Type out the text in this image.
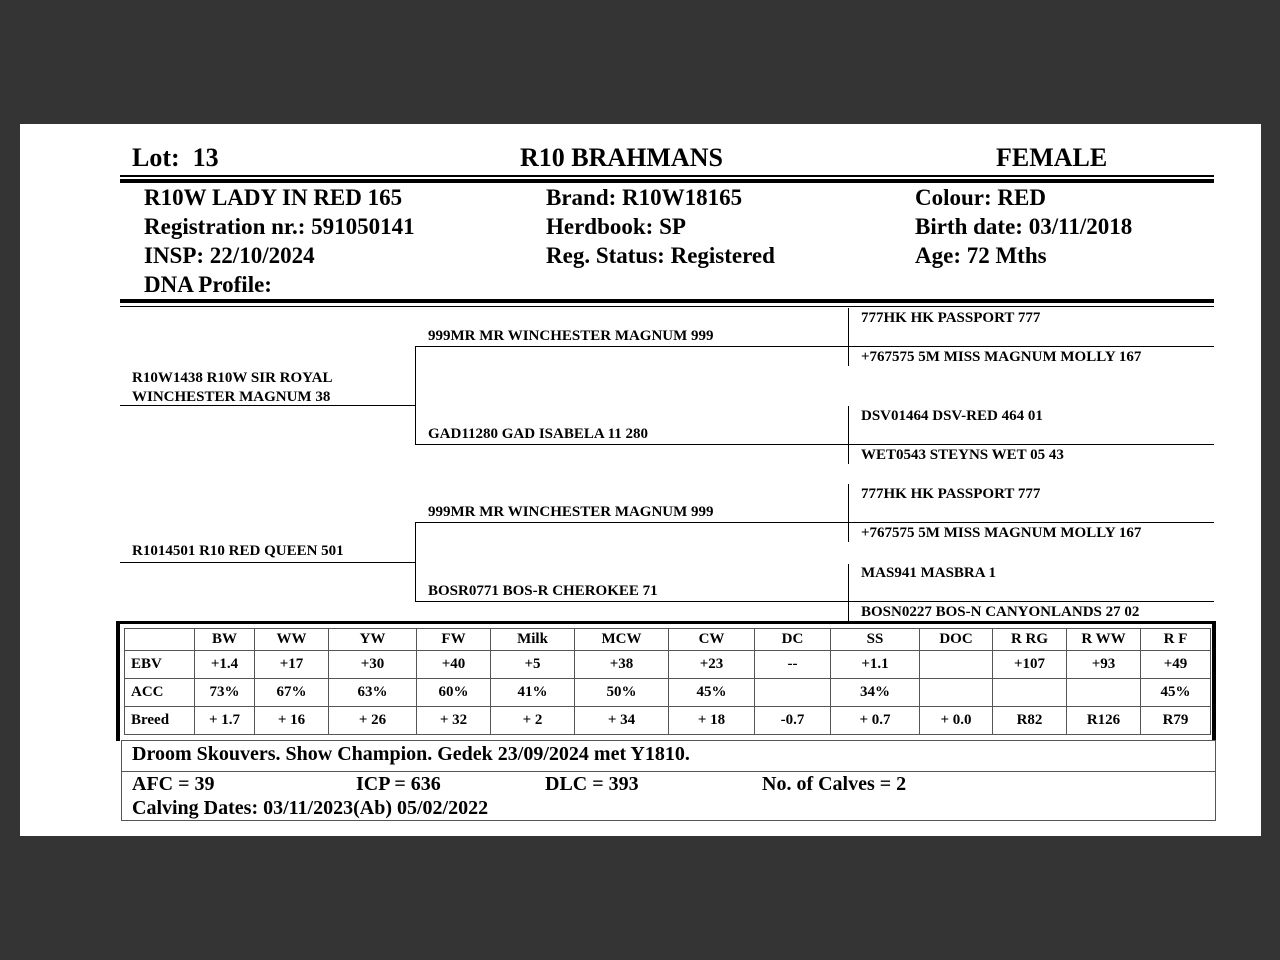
Lot: 13	R10 BRAHMANS	FEMALE
R10W LADY IN RED 165
Registration nr.: 591050141
INSP: 22/10/2024
DNA Profile:
Brand: R10W18165
Herdbook: SP
Reg. Status: Registered
Colour: RED
Birth date: 03/11/2018
Age: 72 Mths
R10W1438 R10W SIR ROYAL
WINCHESTER MAGNUM 38
R1014501 R10 RED QUEEN 501
999MR MR WINCHESTER MAGNUM 999
GAD11280 GAD ISABELA 11 280
999MR MR WINCHESTER MAGNUM 999
BOSR0771 BOS-R CHEROKEE 71
777HK HK PASSPORT 777
+767575 5M MISS MAGNUM MOLLY 167
DSV01464 DSV-RED 464 01
WET0543 STEYNS WET 05 43
777HK HK PASSPORT 777
+767575 5M MISS MAGNUM MOLLY 167
MAS941 MASBRA 1
BOSN0227 BOS-N CANYONLANDS 27 02
	BW	WW	YW	FW	Milk	MCW	CW	DC	SS	DOC	R RG	R WW	R F
EBV	+1.4	+17	+30	+40	+5	+38	+23	--	+1.1		+107	+93	+49
ACC	73%	67%	63%	60%	41%	50%	45%		34%				45%
Breed	+ 1.7	+ 16	+ 26	+ 32	+ 2	+ 34	+ 18	-0.7	+ 0.7	+ 0.0	R82	R126	R79
Droom Skouvers. Show Champion. Gedek 23/09/2024 met Y1810.
AFC = 39	ICP = 636	DLC = 393	No. of Calves = 2
Calving Dates: 03/11/2023(Ab) 05/02/2022
